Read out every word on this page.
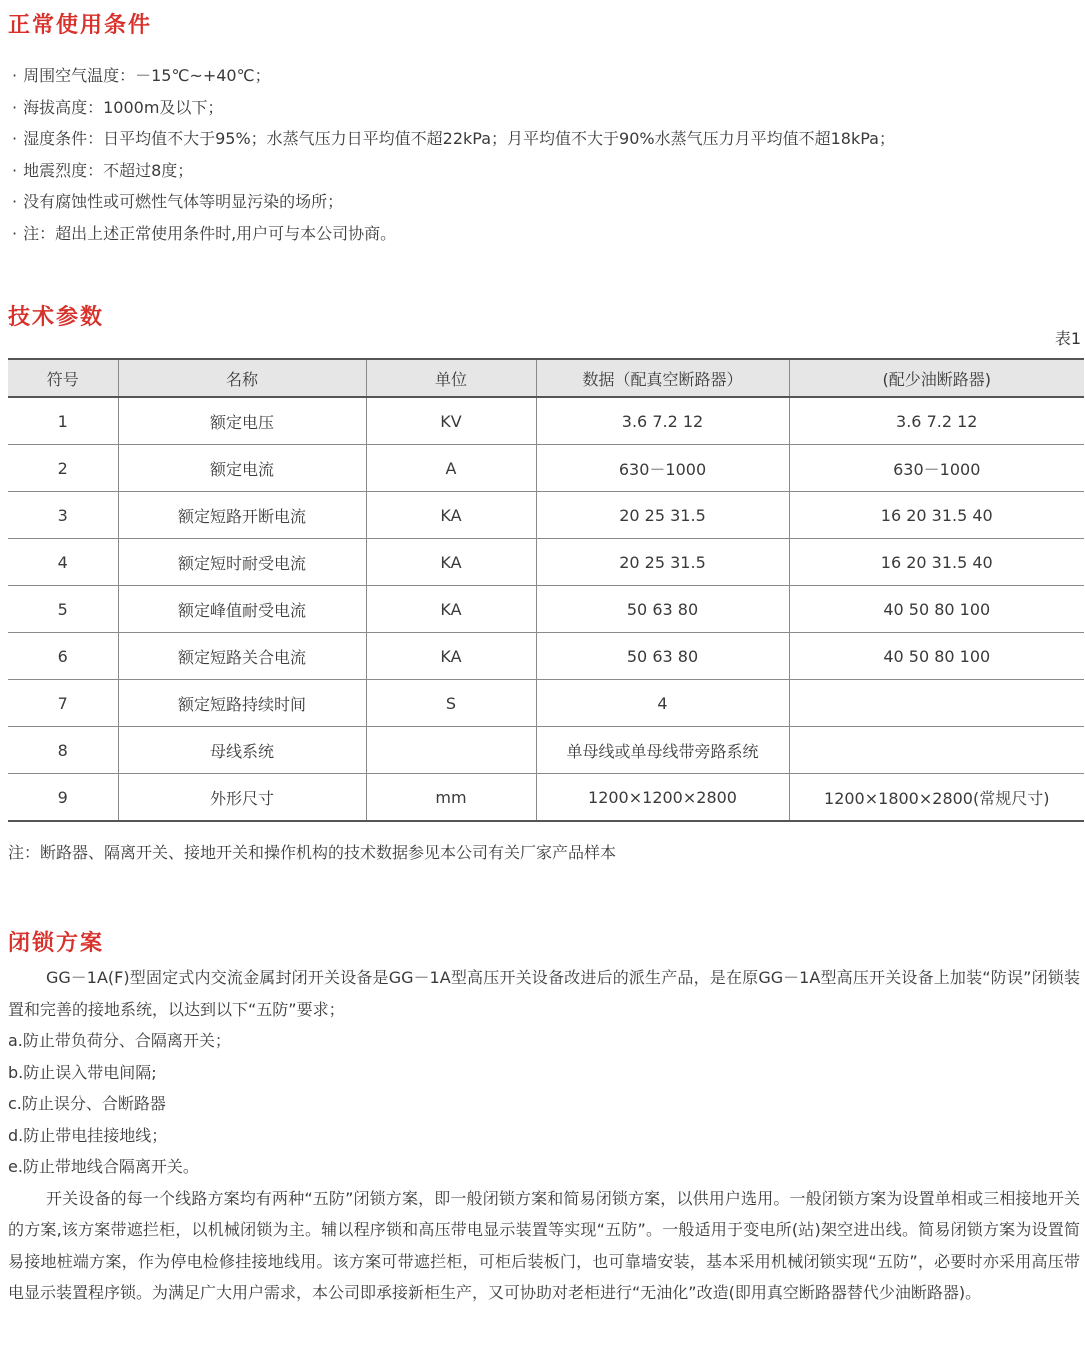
正常使用条件
· 周围空气温度：－15℃~+40℃；
· 海拔高度：1000m及以下；
· 湿度条件：日平均值不大于95%；水蒸气压力日平均值不超22kPa；月平均值不大于90%水蒸气压力月平均值不超18kPa；
· 地震烈度：不超过8度；
· 没有腐蚀性或可燃性气体等明显污染的场所；
· 注：超出上述正常使用条件时,用户可与本公司协商。
技术参数
表1
符号	名称	单位	数据（配真空断路器）	(配少油断路器)
1	额定电压	KV	3.6 7.2 12	3.6 7.2 12
2	额定电流	A	630－1000	630－1000
3	额定短路开断电流	KA	20 25 31.5	16 20 31.5 40
4	额定短时耐受电流	KA	20 25 31.5	16 20 31.5 40
5	额定峰值耐受电流	KA	50 63 80	40 50 80 100
6	额定短路关合电流	KA	50 63 80	40 50 80 100
7	额定短路持续时间	S	4	
8	母线系统		单母线或单母线带旁路系统	
9	外形尺寸	mm	1200×1200×2800	1200×1800×2800(常规尺寸)
注：断路器、隔离开关、接地开关和操作机构的技术数据参见本公司有关厂家产品样本
闭锁方案

GG－1A(F)型固定式内交流金属封闭开关设备是GG－1A型高压开关设备改进后的派生产品，是在原GG－1A型高压开关设备上加装“防误”闭锁装置和完善的接地系统，以达到以下“五防”要求；

a.防止带负荷分、合隔离开关；

b.防止误入带电间隔;

c.防止误分、合断路器

d.防止带电挂接地线；

e.防止带地线合隔离开关。

开关设备的每一个线路方案均有两种“五防”闭锁方案，即一般闭锁方案和简易闭锁方案，以供用户选用。一般闭锁方案为设置单相或三相接地开关的方案,该方案带遮拦柜，以机械闭锁为主。辅以程序锁和高压带电显示装置等实现“五防”。一般适用于变电所(站)架空进出线。简易闭锁方案为设置简易接地桩端方案，作为停电检修挂接地线用。该方案可带遮拦柜，可柜后装板门，也可靠墙安装，基本采用机械闭锁实现“五防”，必要时亦采用高压带电显示装置程序锁。为满足广大用户需求，本公司即承接新柜生产，又可协助对老柜进行“无油化”改造(即用真空断路器替代少油断路器)。
